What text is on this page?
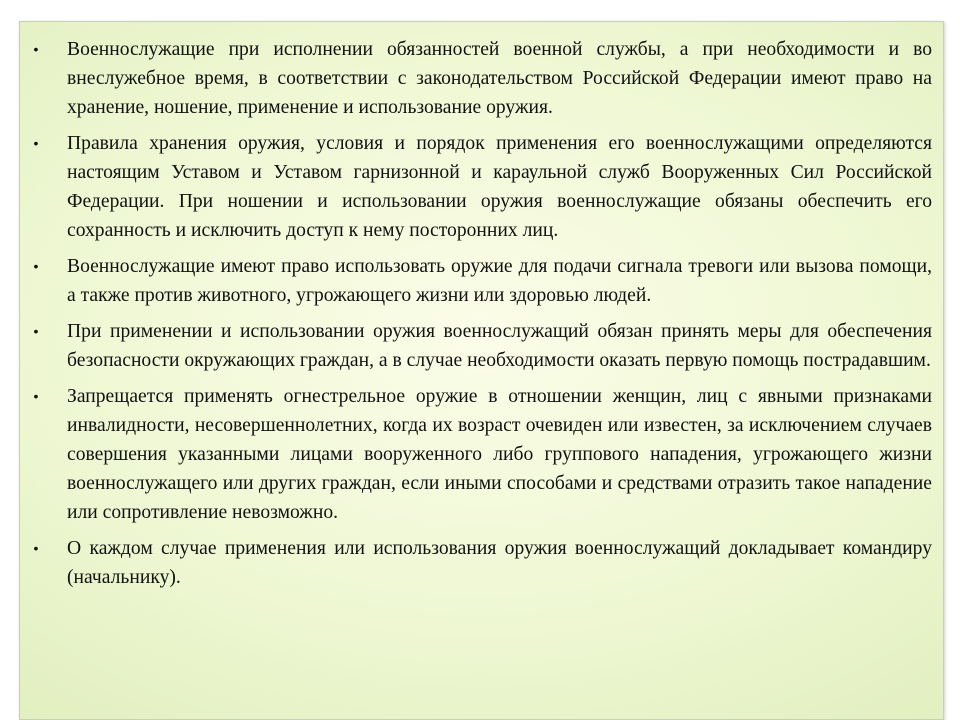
• Военнослужащие при исполнении обязанностей военной службы, а при необходимости и во внеслужебное время, в соответствии с законодательством Российской Федерации имеют право на хранение, ношение, применение и использование оружия.
• Правила хранения оружия, условия и порядок применения его военнослужащими определяются настоящим Уставом и Уставом гарнизонной и караульной служб Вооруженных Сил Российской Федерации. При ношении и использовании оружия военнослужащие обязаны обеспечить его сохранность и исключить доступ к нему посторонних лиц.
• Военнослужащие имеют право использовать оружие для подачи сигнала тревоги или вызова помощи, а также против животного, угрожающего жизни или здоровью людей.
• При применении и использовании оружия военнослужащий обязан принять меры для обеспечения безопасности окружающих граждан, а в случае необходимости оказать первую помощь пострадавшим.
• Запрещается применять огнестрельное оружие в отношении женщин, лиц с явными признаками инвалидности, несовершеннолетних, когда их возраст очевиден или известен, за исключением случаев совершения указанными лицами вооруженного либо группового нападения, угрожающего жизни военнослужащего или других граждан, если иными способами и средствами отразить такое нападение или сопротивление невозможно.
• О каждом случае применения или использования оружия военнослужащий докладывает командиру (начальнику).
